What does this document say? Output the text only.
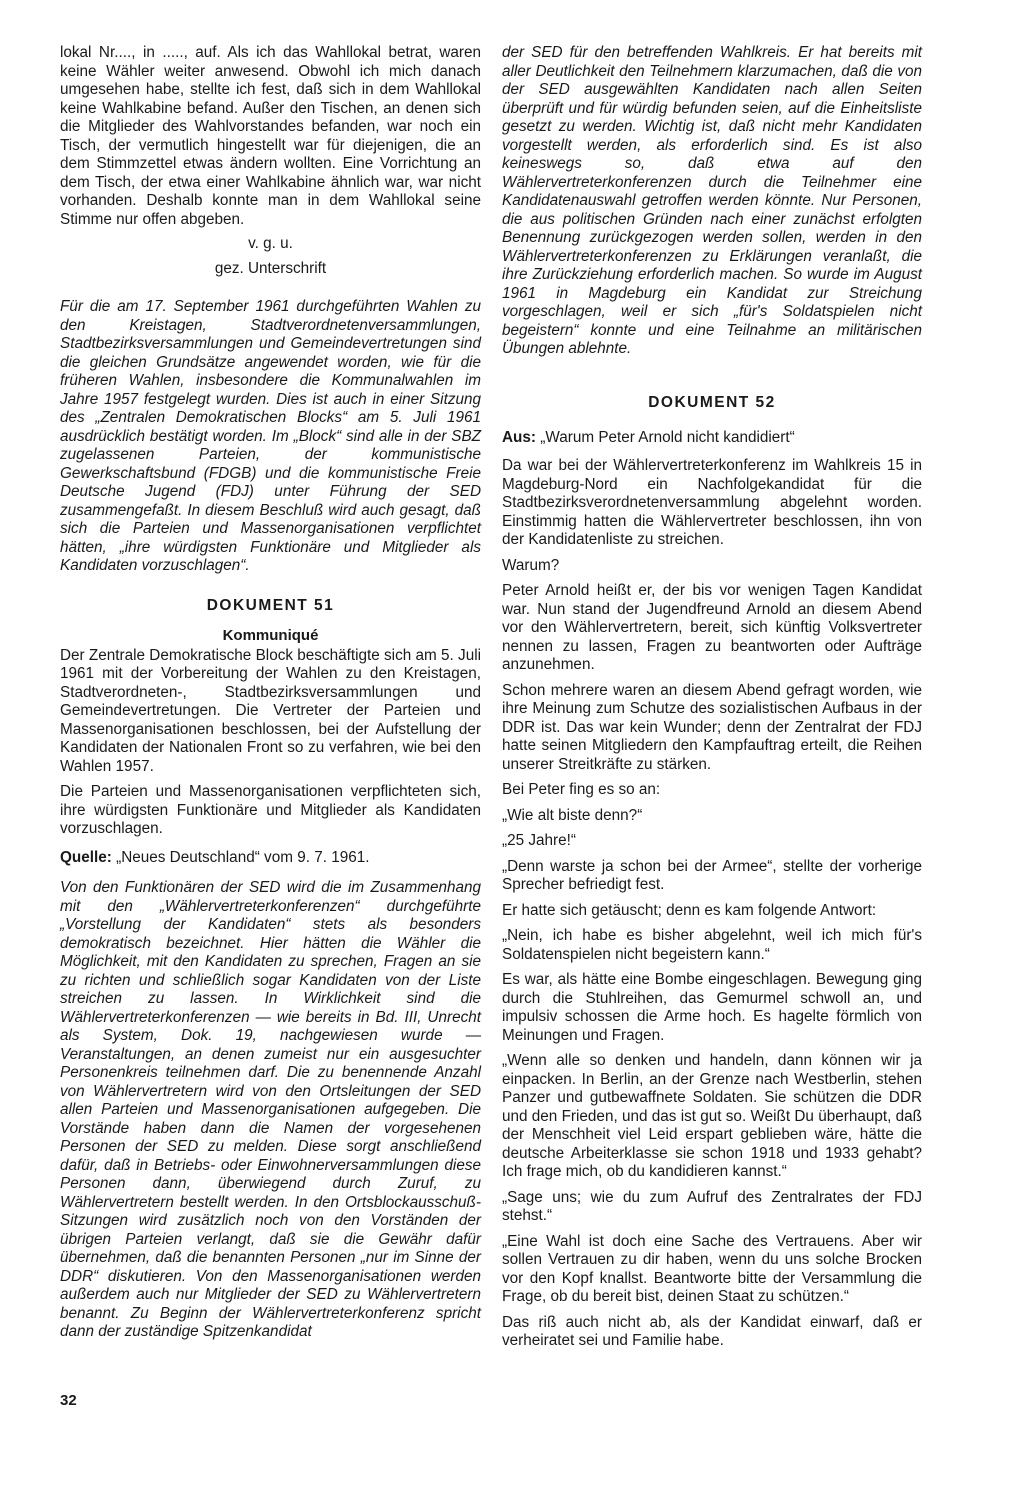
lokal Nr...., in ....., auf. Als ich das Wahllokal betrat, waren keine Wähler weiter anwesend. Obwohl ich mich danach umgesehen habe, stellte ich fest, daß sich in dem Wahllokal keine Wahlkabine befand. Außer den Tischen, an denen sich die Mitglieder des Wahlvorstandes befanden, war noch ein Tisch, der vermutlich hingestellt war für diejenigen, die an dem Stimmzettel etwas ändern wollten. Eine Vorrichtung an dem Tisch, der etwa einer Wahlkabine ähnlich war, war nicht vorhanden. Deshalb konnte man in dem Wahllokal seine Stimme nur offen abgeben.

v. g. u.

gez. Unterschrift

Für die am 17. September 1961 durchgeführten Wahlen zu den Kreistagen, Stadtverordnetenversammlungen, Stadtbezirksversammlungen und Gemeindevertretungen sind die gleichen Grundsätze angewendet worden, wie für die früheren Wahlen, insbesondere die Kommunalwahlen im Jahre 1957 festgelegt wurden. Dies ist auch in einer Sitzung des „Zentralen Demokratischen Blocks“ am 5. Juli 1961 ausdrücklich bestätigt worden. Im „Block“ sind alle in der SBZ zugelassenen Parteien, der kommunistische Gewerkschaftsbund (FDGB) und die kommunistische Freie Deutsche Jugend (FDJ) unter Führung der SED zusammengefaßt. In diesem Beschluß wird auch gesagt, daß sich die Parteien und Massenorganisationen verpflichtet hätten, „ihre würdigsten Funktionäre und Mitglieder als Kandidaten vorzuschlagen“.

DOKUMENT 51
Kommuniqué

Der Zentrale Demokratische Block beschäftigte sich am 5. Juli 1961 mit der Vorbereitung der Wahlen zu den Kreistagen, Stadtverordneten-, Stadtbezirksversammlungen und Gemeindevertretungen. Die Vertreter der Parteien und Massenorganisationen beschlossen, bei der Aufstellung der Kandidaten der Nationalen Front so zu verfahren, wie bei den Wahlen 1957.

Die Parteien und Massenorganisationen verpflichteten sich, ihre würdigsten Funktionäre und Mitglieder als Kandidaten vorzuschlagen.

Quelle: „Neues Deutschland“ vom 9. 7. 1961.

Von den Funktionären der SED wird die im Zusammenhang mit den „Wählervertreterkonferenzen“ durchgeführte „Vorstellung der Kandidaten“ stets als besonders demokratisch bezeichnet. Hier hätten die Wähler die Möglichkeit, mit den Kandidaten zu sprechen, Fragen an sie zu richten und schließlich sogar Kandidaten von der Liste streichen zu lassen. In Wirklichkeit sind die Wählervertreterkonferenzen — wie bereits in Bd. III, Unrecht als System, Dok. 19, nachgewiesen wurde — Veranstaltungen, an denen zumeist nur ein ausgesuchter Personenkreis teilnehmen darf. Die zu benennende Anzahl von Wählervertretern wird von den Ortsleitungen der SED allen Parteien und Massenorganisationen aufgegeben. Die Vorstände haben dann die Namen der vorgesehenen Personen der SED zu melden. Diese sorgt anschließend dafür, daß in Betriebs- oder Einwohnerversammlungen diese Personen dann, überwiegend durch Zuruf, zu Wählervertretern bestellt werden. In den Ortsblockausschuß-Sitzungen wird zusätzlich noch von den Vorständen der übrigen Parteien verlangt, daß sie die Gewähr dafür übernehmen, daß die benannten Personen „nur im Sinne der DDR“ diskutieren. Von den Massenorganisationen werden außerdem auch nur Mitglieder der SED zu Wählervertretern benannt. Zu Beginn der Wählervertreterkonferenz spricht dann der zuständige Spitzenkandidat

der SED für den betreffenden Wahlkreis. Er hat bereits mit aller Deutlichkeit den Teilnehmern klarzumachen, daß die von der SED ausgewählten Kandidaten nach allen Seiten überprüft und für würdig befunden seien, auf die Einheitsliste gesetzt zu werden. Wichtig ist, daß nicht mehr Kandidaten vorgestellt werden, als erforderlich sind. Es ist also keineswegs so, daß etwa auf den Wählervertreterkonferenzen durch die Teilnehmer eine Kandidatenauswahl getroffen werden könnte. Nur Personen, die aus politischen Gründen nach einer zunächst erfolgten Benennung zurückgezogen werden sollen, werden in den Wählervertreterkonferenzen zu Erklärungen veranlaßt, die ihre Zurückziehung erforderlich machen. So wurde im August 1961 in Magdeburg ein Kandidat zur Streichung vorgeschlagen, weil er sich „für's Soldatspielen nicht begeistern“ konnte und eine Teilnahme an militärischen Übungen ablehnte.

DOKUMENT 52

Aus: „Warum Peter Arnold nicht kandidiert“

Da war bei der Wählervertreterkonferenz im Wahlkreis 15 in Magdeburg-Nord ein Nachfolgekandidat für die Stadtbezirksverordnetenversammlung abgelehnt worden. Einstimmig hatten die Wählervertreter beschlossen, ihn von der Kandidatenliste zu streichen.

Warum?

Peter Arnold heißt er, der bis vor wenigen Tagen Kandidat war. Nun stand der Jugendfreund Arnold an diesem Abend vor den Wählervertretern, bereit, sich künftig Volksvertreter nennen zu lassen, Fragen zu beantworten oder Aufträge anzunehmen.

Schon mehrere waren an diesem Abend gefragt worden, wie ihre Meinung zum Schutze des sozialistischen Aufbaus in der DDR ist. Das war kein Wunder; denn der Zentralrat der FDJ hatte seinen Mitgliedern den Kampfauftrag erteilt, die Reihen unserer Streitkräfte zu stärken.

Bei Peter fing es so an:

„Wie alt biste denn?“

„25 Jahre!“

„Denn warste ja schon bei der Armee“, stellte der vorherige Sprecher befriedigt fest.

Er hatte sich getäuscht; denn es kam folgende Antwort:

„Nein, ich habe es bisher abgelehnt, weil ich mich für's Soldatenspielen nicht begeistern kann.“

Es war, als hätte eine Bombe eingeschlagen. Bewegung ging durch die Stuhlreihen, das Gemurmel schwoll an, und impulsiv schossen die Arme hoch. Es hagelte förmlich von Meinungen und Fragen.

„Wenn alle so denken und handeln, dann können wir ja einpacken. In Berlin, an der Grenze nach Westberlin, stehen Panzer und gutbewaffnete Soldaten. Sie schützen die DDR und den Frieden, und das ist gut so. Weißt Du überhaupt, daß der Menschheit viel Leid erspart geblieben wäre, hätte die deutsche Arbeiterklasse sie schon 1918 und 1933 gehabt? Ich frage mich, ob du kandidieren kannst.“

„Sage uns; wie du zum Aufruf des Zentralrates der FDJ stehst.“

„Eine Wahl ist doch eine Sache des Vertrauens. Aber wir sollen Vertrauen zu dir haben, wenn du uns solche Brocken vor den Kopf knallst. Beantworte bitte der Versammlung die Frage, ob du bereit bist, deinen Staat zu schützen.“

Das riß auch nicht ab, als der Kandidat einwarf, daß er verheiratet sei und Familie habe.

32
